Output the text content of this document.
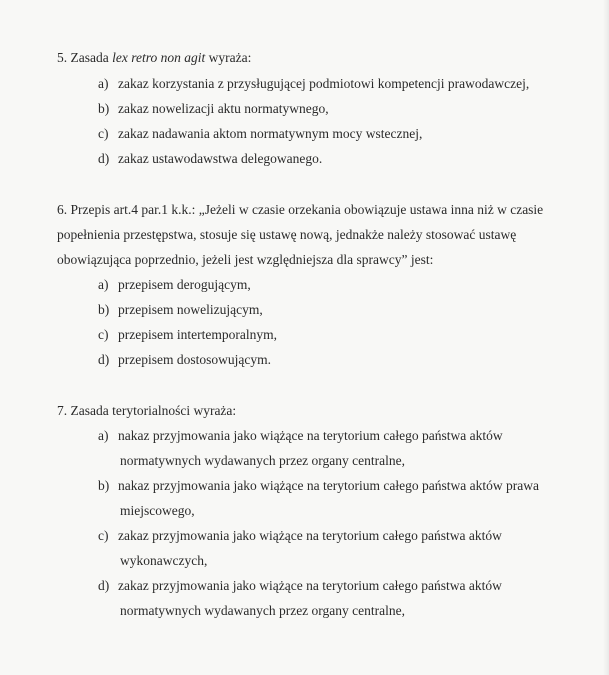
5. Zasada lex retro non agit wyraża:
a) zakaz korzystania z przysługującej podmiotowi kompetencji prawodawczej,
b) zakaz nowelizacji aktu normatywnego,
c) zakaz nadawania aktom normatywnym mocy wstecznej,
d) zakaz ustawodawstwa delegowanego.
6. Przepis art.4 par.1 k.k.: „Jeżeli w czasie orzekania obowiązuje ustawa inna niż w czasie
popełnienia przestępstwa, stosuje się ustawę nową, jednakże należy stosować ustawę
obowiązująca poprzednio, jeżeli jest względniejsza dla sprawcy” jest:
a) przepisem derogującym,
b) przepisem nowelizującym,
c) przepisem intertemporalnym,
d) przepisem dostosowującym.
7. Zasada terytorialności wyraża:
a) nakaz przyjmowania jako wiążące na terytorium całego państwa aktów
normatywnych wydawanych przez organy centralne,
b) nakaz przyjmowania jako wiążące na terytorium całego państwa aktów prawa
miejscowego,
c) zakaz przyjmowania jako wiążące na terytorium całego państwa aktów
wykonawczych,
d) zakaz przyjmowania jako wiążące na terytorium całego państwa aktów
normatywnych wydawanych przez organy centralne,
